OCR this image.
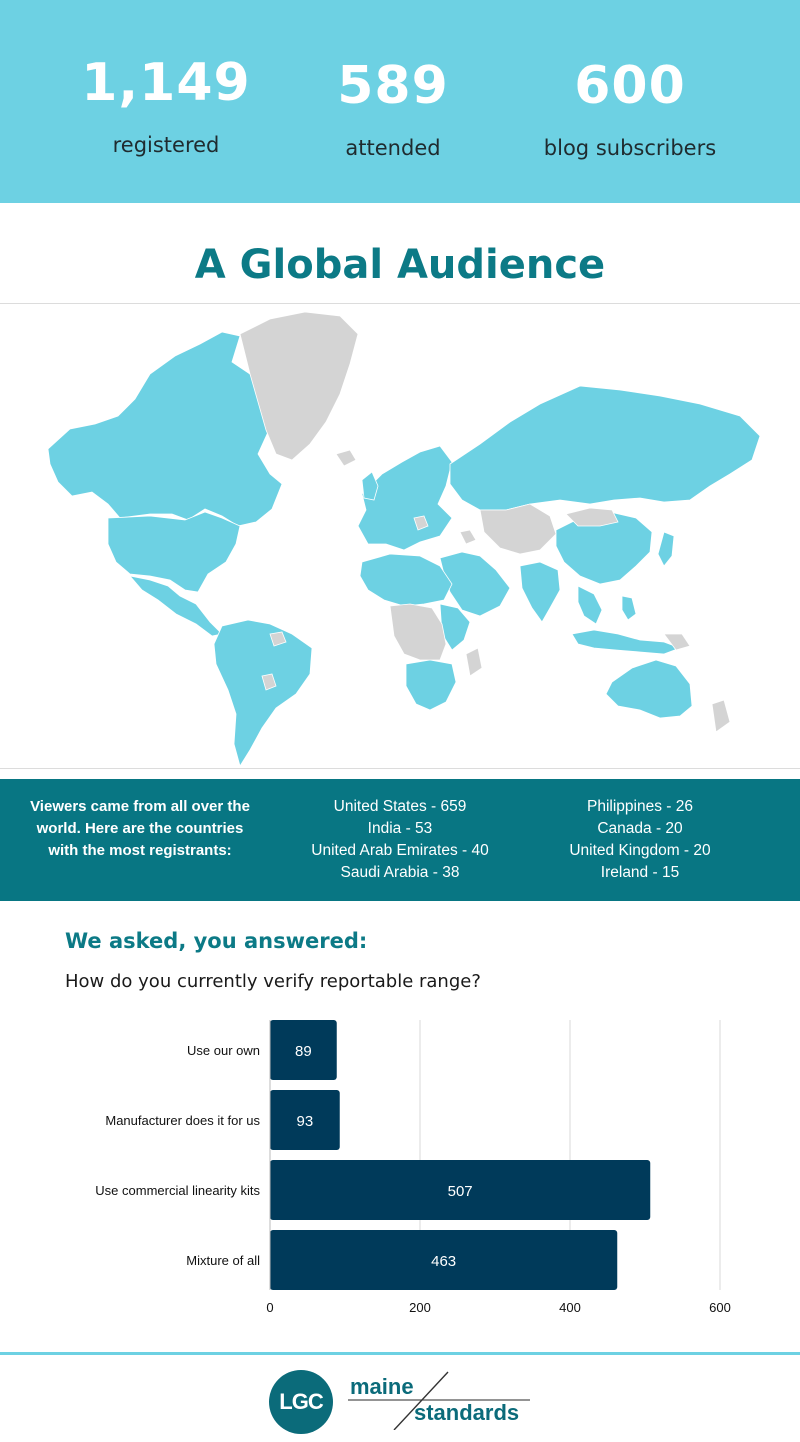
1,149
registered
589
attended
600
blog subscribers
A Global Audience

Viewers came from all over the world. Here are the countries with the most registrants:

United States - 659
India - 53
United Arab Emirates - 40
Saudi Arabia - 38
Philippines - 26
Canada - 20
United Kingdom - 20
Ireland - 15
We asked, you answered:

How do you currently verify reportable range?

0	200	400	600
Use our own 89
Manufacturer does it for us 93
Use commercial linearity kits	507
Mixture of all	463
LGC
maine
standards
